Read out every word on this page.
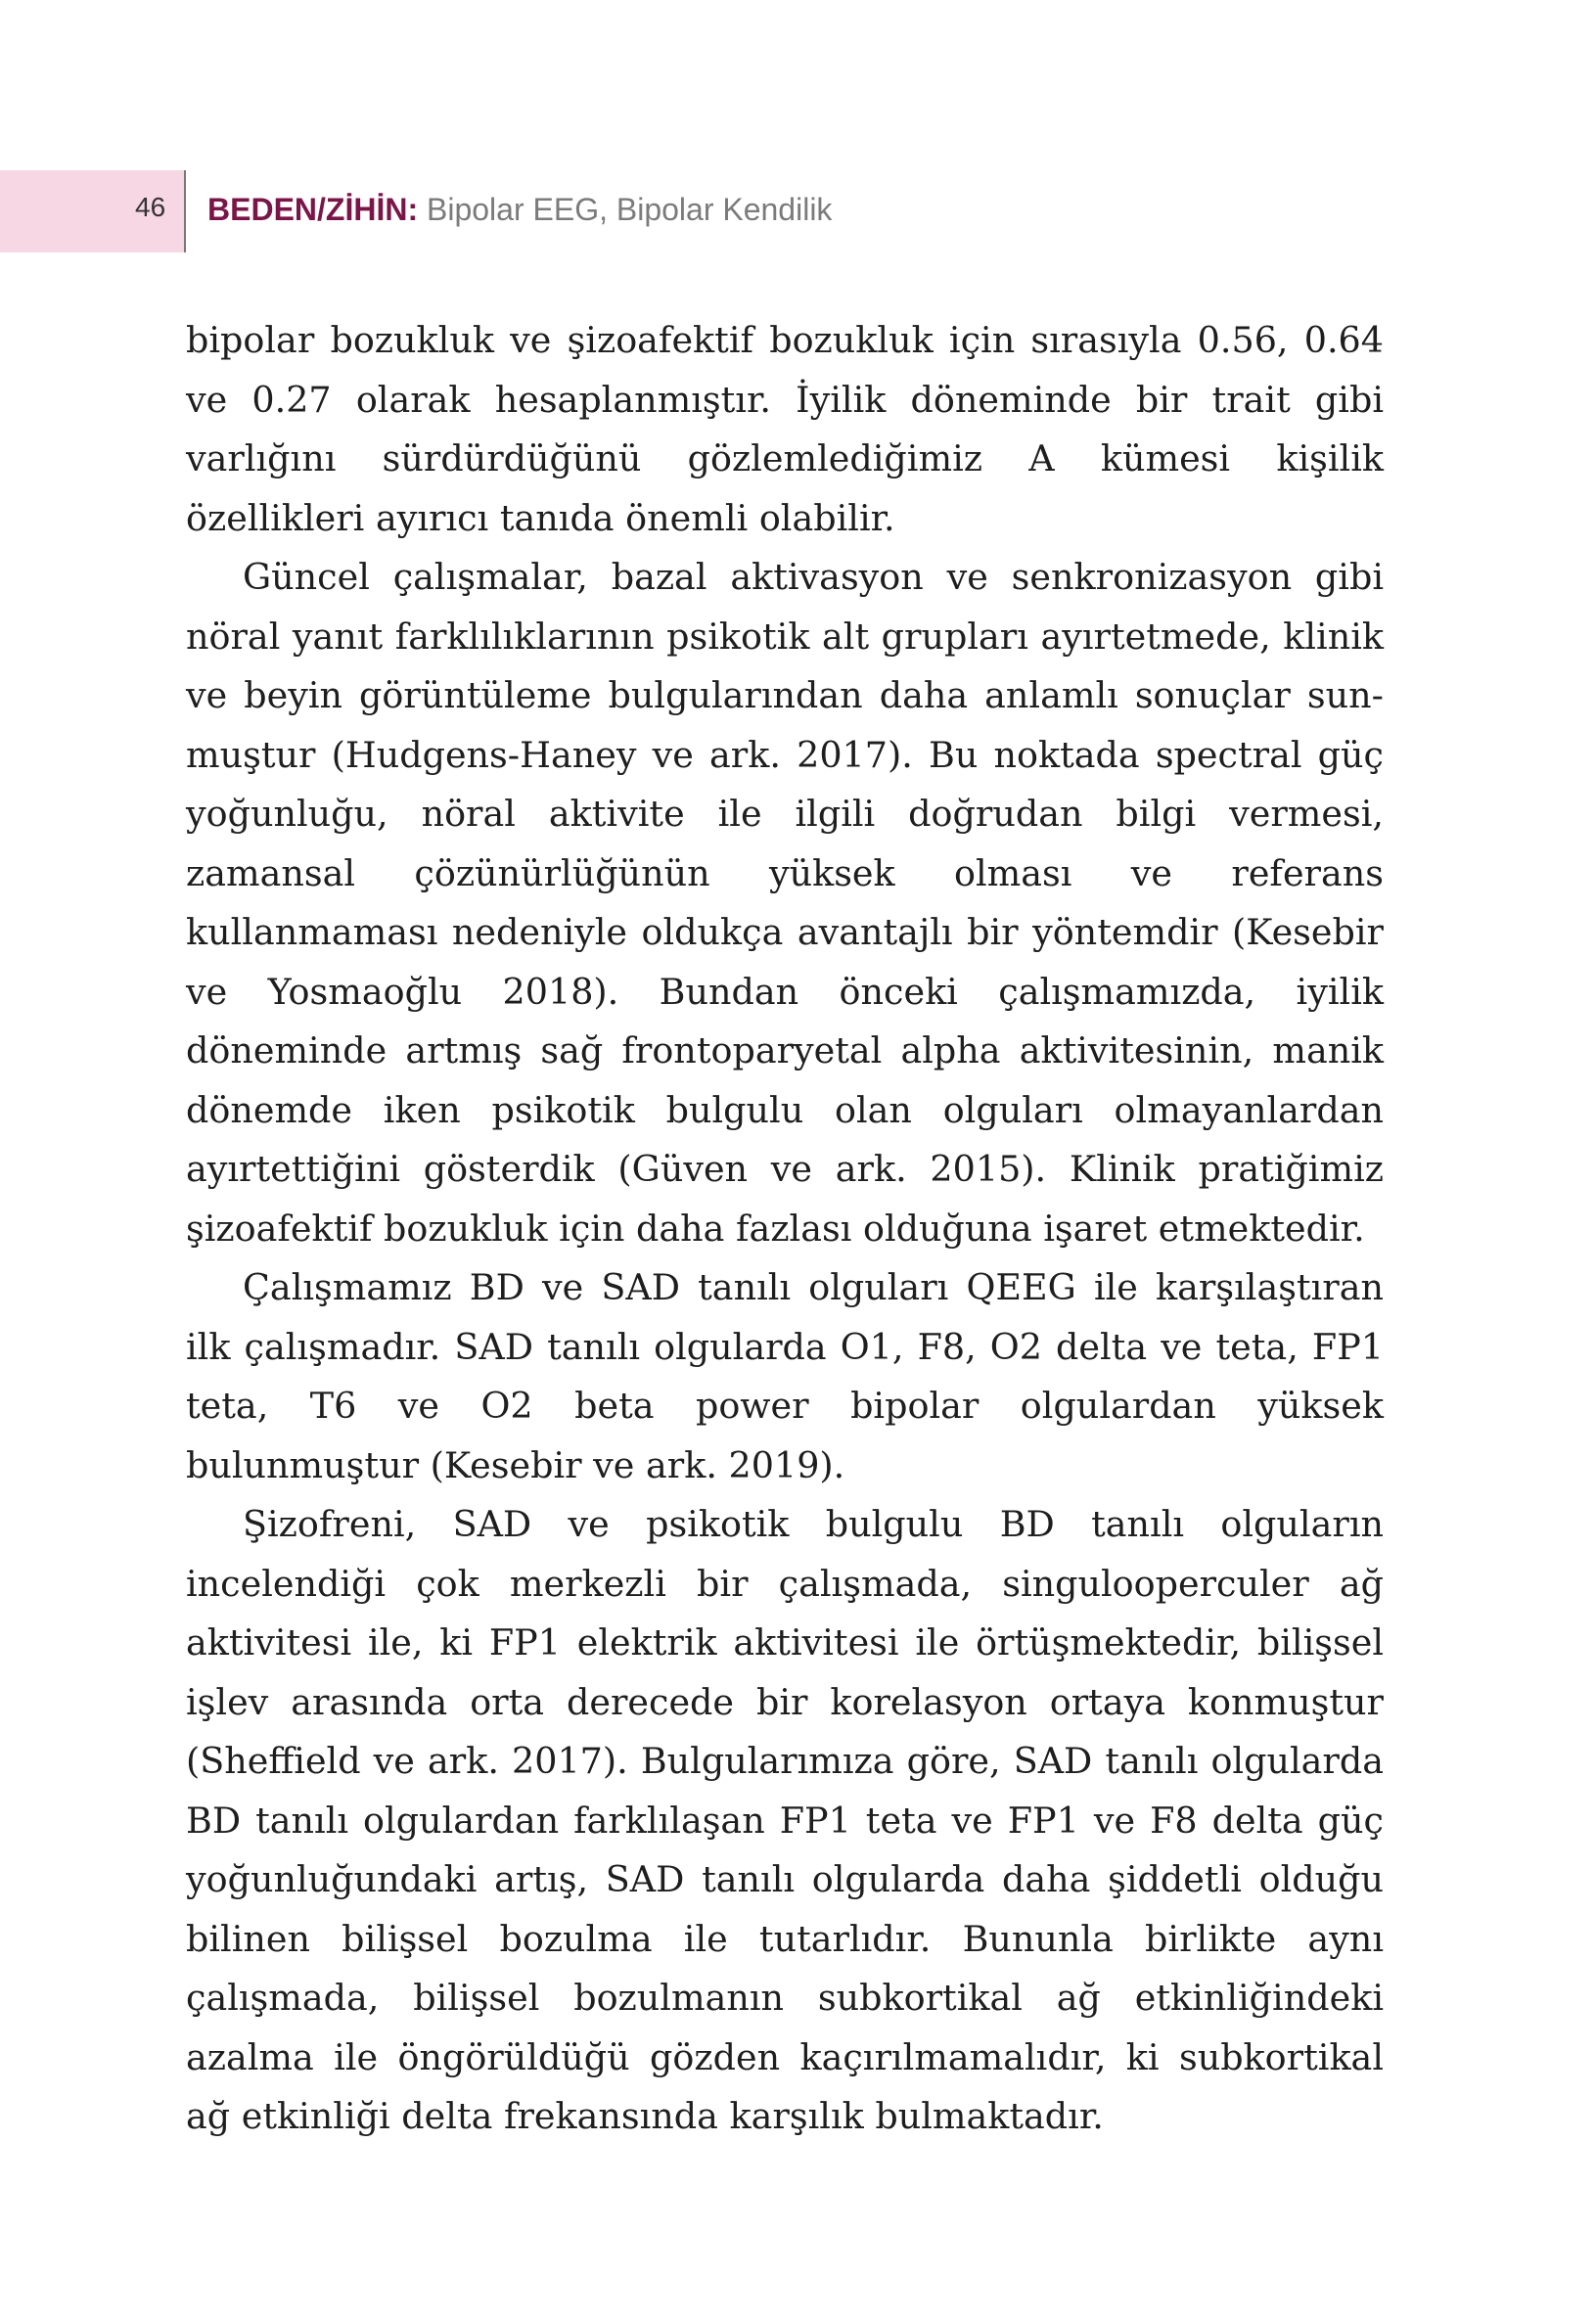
46 BEDEN/ZİHİN: Bipolar EEG, Bipolar Kendilik

bipolar bozukluk ve şizoafektif bozukluk için sırasıyla 0.56, 0.64 ve 0.27 olarak hesaplanmıştır. İyilik döneminde bir trait gibi varlığını sürdürdüğünü gözlemlediğimiz A kümesi kişilik özellikleri ayırıcı tanıda önemli olabilir.

Güncel çalışmalar, bazal aktivasyon ve senkronizasyon gibi nöral yanıt farklılıklarının psikotik alt grupları ayırtetmede, klinik ve beyin görüntüleme bulgularından daha anlamlı sonuçlar sunmuştur (Hudgens-Haney ve ark. 2017). Bu noktada spectral güç yoğunluğu, nöral aktivite ile ilgili doğrudan bilgi vermesi, zamansal çözünürlüğünün yüksek olması ve referans kullanmaması nedeniyle oldukça avantajlı bir yöntemdir (Kesebir ve Yosmaoğlu 2018). Bundan önceki çalışmamızda, iyilik döneminde artmış sağ frontoparyetal alpha aktivitesinin, manik dönemde iken psikotik bulgulu olan olguları olmayanlardan ayırtettiğini gösterdik (Güven ve ark. 2015). Klinik pratiğimiz şizoafektif bozukluk için daha fazlası olduğuna işaret etmektedir.

Çalışmamız BD ve SAD tanılı olguları QEEG ile karşılaştıran ilk çalışmadır. SAD tanılı olgularda O1, F8, O2 delta ve teta, FP1 teta, T6 ve O2 beta power bipolar olgulardan yüksek bulunmuştur (Kesebir ve ark. 2019).

Şizofreni, SAD ve psikotik bulgulu BD tanılı olguların incelendiği çok merkezli bir çalışmada, singulooperculer ağ aktivitesi ile, ki FP1 elektrik aktivitesi ile örtüşmektedir, bilişsel işlev arasında orta derecede bir korelasyon ortaya konmuştur (Sheffield ve ark. 2017). Bulgularımıza göre, SAD tanılı olgularda BD tanılı olgulardan farklılaşan FP1 teta ve FP1 ve F8 delta güç yoğunluğundaki artış, SAD tanılı olgularda daha şiddetli olduğu bilinen bilişsel bozulma ile tutarlıdır. Bununla birlikte aynı çalışmada, bilişsel bozulmanın subkortikal ağ etkinliğindeki azalma ile öngörüldüğü gözden kaçırılmamalıdır, ki subkortikal ağ etkinliği delta frekansında karşılık bulmaktadır.
